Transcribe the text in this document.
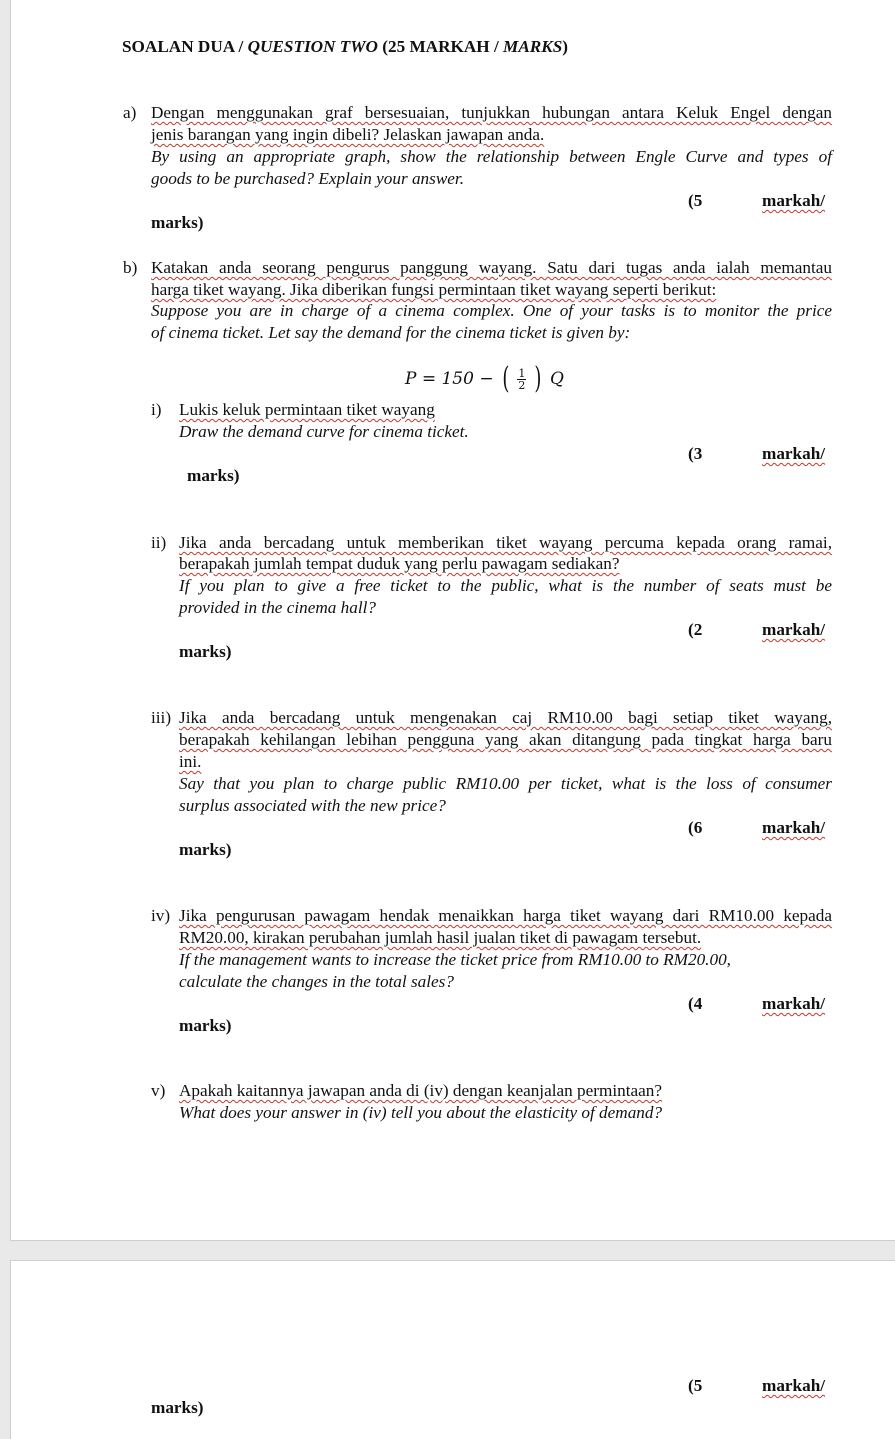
SOALAN DUA / QUESTION TWO (25 MARKAH / MARKS)
a) Dengan menggunakan graf bersesuaian, tunjukkan hubungan antara Keluk Engel dengan
jenis barangan yang ingin dibeli? Jelaskan jawapan anda.
By using an appropriate graph, show the relationship between Engle Curve and types of
goods to be purchased? Explain your answer.
(5	markah/
marks)
b) Katakan anda seorang pengurus panggung wayang. Satu dari tugas anda ialah memantau
harga tiket wayang. Jika diberikan fungsi permintaan tiket wayang seperti berikut:
Suppose you are in charge of a cinema complex. One of your tasks is to monitor the price
of cinema ticket. Let say the demand for the cinema ticket is given by:
P = 150 − ( $\frac{1}{2}$ ) Q
i) Lukis keluk permintaan tiket wayang
Draw the demand curve for cinema ticket.
(3	markah/
marks)
ii) Jika anda bercadang untuk memberikan tiket wayang percuma kepada orang ramai,
berapakah jumlah tempat duduk yang perlu pawagam sediakan?
If you plan to give a free ticket to the public, what is the number of seats must be
provided in the cinema hall?
(2	markah/
marks)
iii) Jika anda bercadang untuk mengenakan caj RM10.00 bagi setiap tiket wayang,
berapakah kehilangan lebihan pengguna yang akan ditangung pada tingkat harga baru
ini.
Say that you plan to charge public RM10.00 per ticket, what is the loss of consumer
surplus associated with the new price?
(6	markah/
marks)
iv) Jika pengurusan pawagam hendak menaikkan harga tiket wayang dari RM10.00 kepada
RM20.00, kirakan perubahan jumlah hasil jualan tiket di pawagam tersebut.
If the management wants to increase the ticket price from RM10.00 to RM20.00,
calculate the changes in the total sales?
(4	markah/
marks)
v) Apakah kaitannya jawapan anda di (iv) dengan keanjalan permintaan?
What does your answer in (iv) tell you about the elasticity of demand?
(5	markah/
marks)
